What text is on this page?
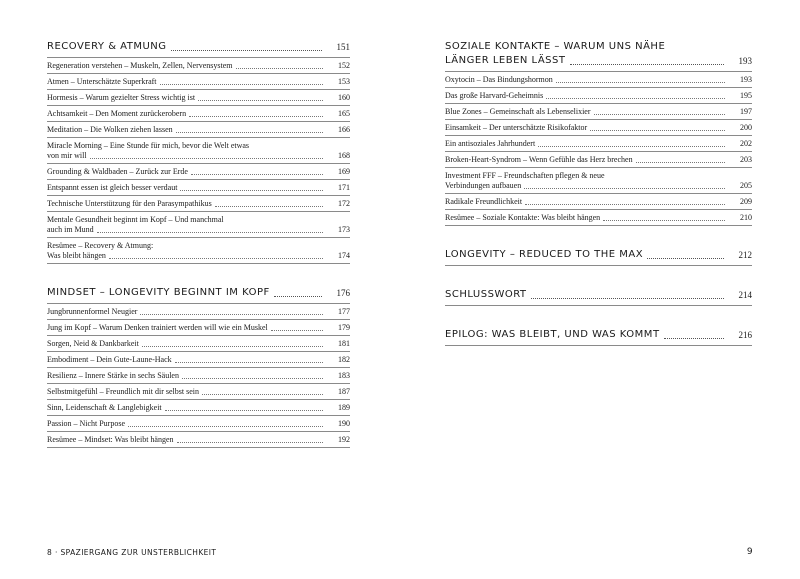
RECOVERY & ATMUNG	151
Regeneration verstehen – Muskeln, Zellen, Nervensystem	152
Atmen – Unterschätzte Superkraft	153
Hormesis – Warum gezielter Stress wichtig ist	160
Achtsamkeit – Den Moment zurückerobern	165
Meditation – Die Wolken ziehen lassen	166
Miracle Morning – Eine Stunde für mich, bevor die Welt etwas
von mir will	168
Grounding & Waldbaden – Zurück zur Erde	169
Entspannt essen ist gleich besser verdaut	171
Technische Unterstützung für den Parasympathikus	172
Mentale Gesundheit beginnt im Kopf – Und manchmal
auch im Mund	173
Resümee – Recovery & Atmung:
Was bleibt hängen	174
MINDSET – LONGEVITY BEGINNT IM KOPF	176
Jungbrunnenformel Neugier	177
Jung im Kopf – Warum Denken trainiert werden will wie ein Muskel	179
Sorgen, Neid & Dankbarkeit	181
Embodiment – Dein Gute-Laune-Hack	182
Resilienz – Innere Stärke in sechs Säulen	183
Selbstmitgefühl – Freundlich mit dir selbst sein	187
Sinn, Leidenschaft & Langlebigkeit	189
Passion – Nicht Purpose	190
Resümee – Mindset: Was bleibt hängen	192
SOZIALE KONTAKTE – WARUM UNS NÄHE
LÄNGER LEBEN LÄSST	193
Oxytocin – Das Bindungshormon	193
Das große Harvard-Geheimnis	195
Blue Zones – Gemeinschaft als Lebenselixier	197
Einsamkeit – Der unterschätzte Risikofaktor	200
Ein antisoziales Jahrhundert	202
Broken-Heart-Syndrom – Wenn Gefühle das Herz brechen	203
Investment FFF – Freundschaften pflegen & neue
Verbindungen aufbauen	205
Radikale Freundlichkeit	209
Resümee – Soziale Kontakte: Was bleibt hängen	210
LONGEVITY – REDUCED TO THE MAX	212
SCHLUSSWORT	214
EPILOG: WAS BLEIBT, UND WAS KOMMT	216
8 · SPAZIERGANG ZUR UNSTERBLICHKEIT	9
